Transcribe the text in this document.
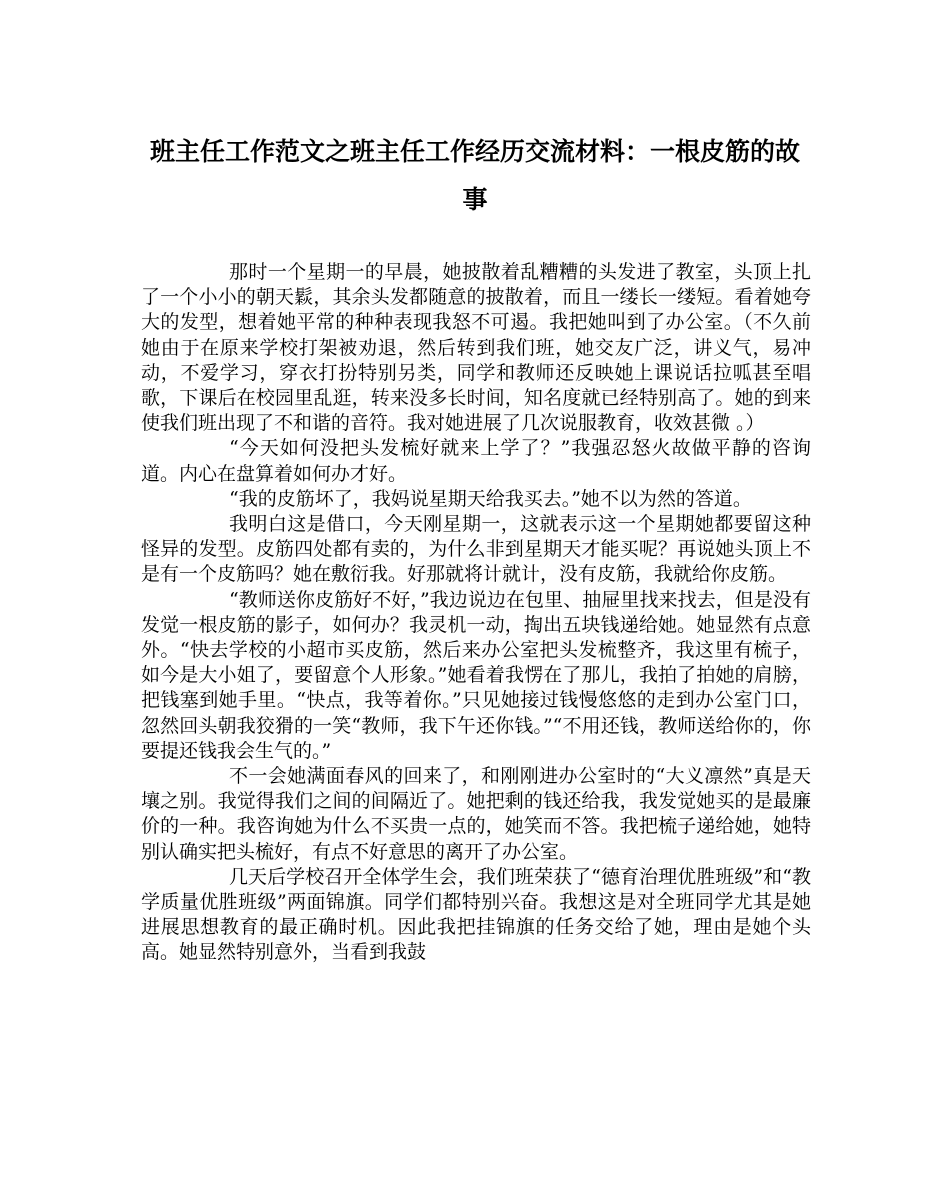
班主任工作范文之班主任工作经历交流材料：一根皮筋的故事

那时一个星期一的早晨，她披散着乱糟糟的头发进了教室，头顶上扎了一个小小的朝天鬏，其余头发都随意的披散着，而且一缕长一缕短。看着她夸大的发型，想着她平常的种种表现我怒不可遏。我把她叫到了办公室。（不久前她由于在原来学校打架被劝退，然后转到我们班，她交友广泛，讲义气，易冲动，不爱学习，穿衣打扮特别另类，同学和教师还反映她上课说话拉呱甚至唱歌，下课后在校园里乱逛，转来没多长时间，知名度就已经特别高了。她的到来使我们班出现了不和谐的音符。我对她进展了几次说服教育，收效甚微 。）

“今天如何没把头发梳好就来上学了？”我强忍怒火故做平静的咨询道。内心在盘算着如何办才好。

“我的皮筋坏了，我妈说星期天给我买去。”她不以为然的答道。

我明白这是借口，今天刚星期一，这就表示这一个星期她都要留这种怪异的发型。皮筋四处都有卖的，为什么非到星期天才能买呢？再说她头顶上不是有一个皮筋吗？她在敷衍我。好那就将计就计，没有皮筋，我就给你皮筋。

“教师送你皮筋好不好，”我边说边在包里、抽屉里找来找去，但是没有发觉一根皮筋的影子，如何办？我灵机一动，掏出五块钱递给她。她显然有点意外。“快去学校的小超市买皮筋，然后来办公室把头发梳整齐，我这里有梳子，如今是大小姐了，要留意个人形象。”她看着我愣在了那儿，我拍了拍她的肩膀，把钱塞到她手里。“快点，我等着你。”只见她接过钱慢悠悠的走到办公室门口，忽然回头朝我狡猾的一笑“教师，我下午还你钱。”“不用还钱，教师送给你的，你要提还钱我会生气的。”

不一会她满面春风的回来了，和刚刚进办公室时的“大义凛然”真是天壤之别。我觉得我们之间的间隔近了。她把剩的钱还给我，我发觉她买的是最廉价的一种。我咨询她为什么不买贵一点的，她笑而不答。我把梳子递给她，她特别认确实把头梳好，有点不好意思的离开了办公室。

几天后学校召开全体学生会，我们班荣获了“德育治理优胜班级”和“教学质量优胜班级”两面锦旗。同学们都特别兴奋。我想这是对全班同学尤其是她进展思想教育的最正确时机。因此我把挂锦旗的任务交给了她，理由是她个头高。她显然特别意外，当看到我鼓
